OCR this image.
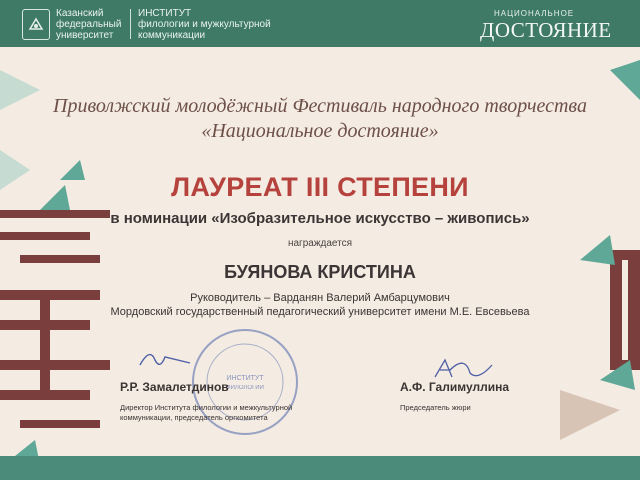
Казанский
федеральный
университет
ИНСТИТУТ
филологии и мужкультурной
коммуникации
НАЦИОНАЛЬНОЕ
ДОСТОЯНИЕ
Приволжский молодёжный Фестиваль народного творчества
«Национальное достояние»
ЛАУРЕАТ III СТЕПЕНИ
в номинации «Изобразительное искусство – живопись»
награждается
БУЯНОВА КРИСТИНА
Руководитель – Варданян Валерий Амбарцумович
Мордовский государственный педагогический университет имени М.Е. Евсевьева
ИНСТИТУТ
ФИЛОЛОГИИ
Р.Р. Замалетдинов
Директор Института филологии и межкультурной
коммуникации, председатель оргкомитета
А.Ф. Галимуллина
Председатель жюри
